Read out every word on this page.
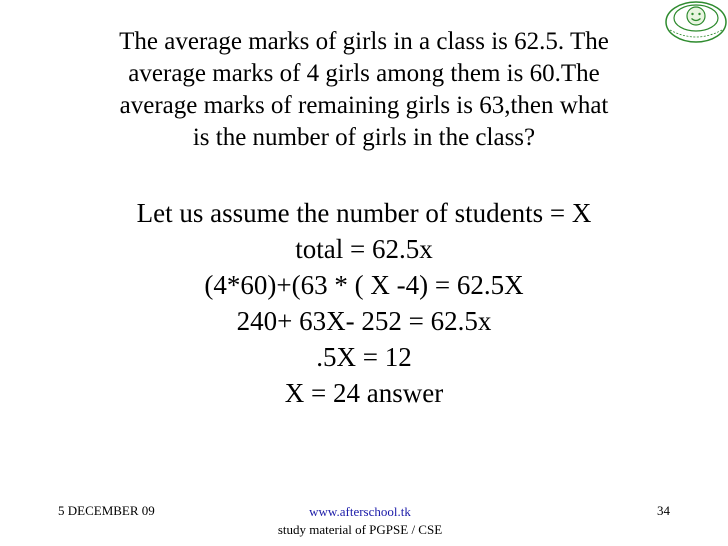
The average marks of girls in a class is 62.5. The
average marks of 4 girls among them is 60.The
average marks of remaining girls is 63,then what
is the number of girls in the class?
Let us assume the number of students = X
total = 62.5x
(4*60)+(63 * ( X -4) = 62.5X
240+ 63X- 252 = 62.5x
.5X = 12
X = 24 answer
5 DECEMBER 09	www.afterschool.tk
study material of PGPSE / CSE
34
